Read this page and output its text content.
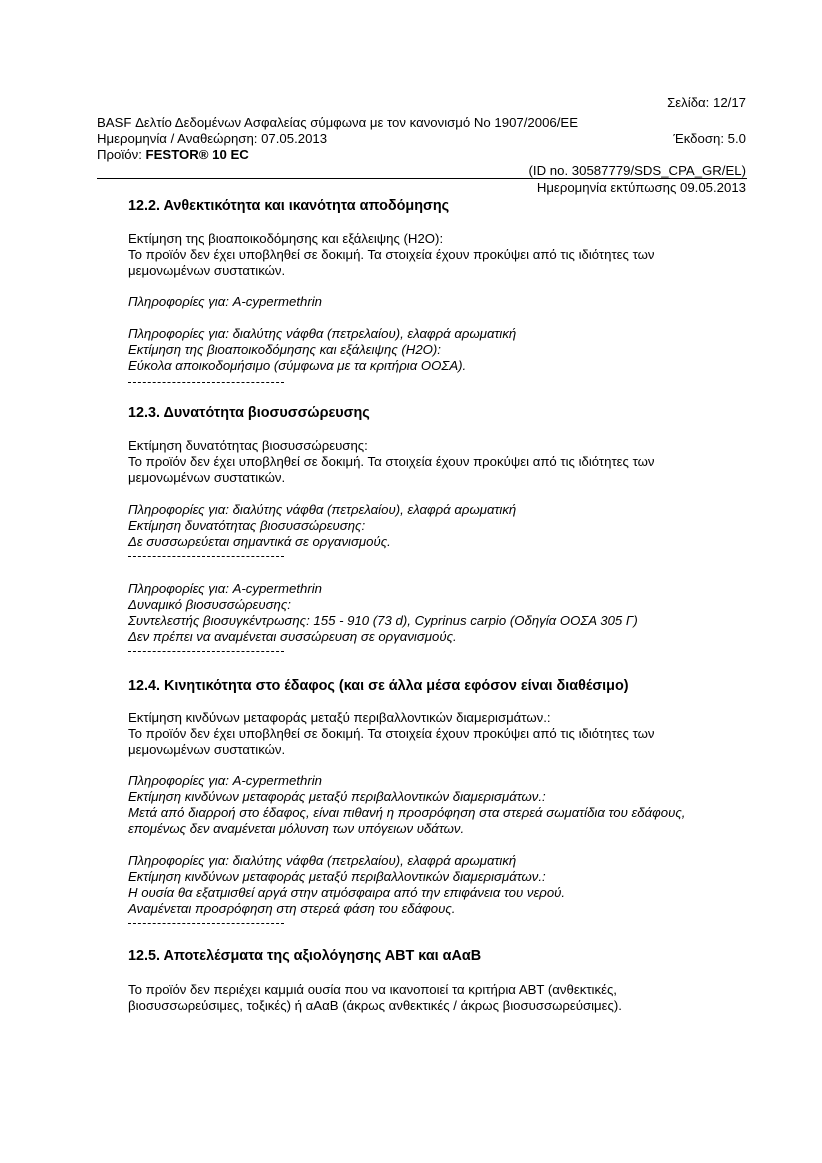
Σελίδα: 12/17
BASF Δελτίο Δεδομένων Ασφαλείας σύμφωνα με τον κανονισμό Νο 1907/2006/ΕΕ
Ημερομηνία / Αναθεώρηση: 07.05.2013	Έκδοση: 5.0
Προϊόν: FESTOR® 10 EC
(ID no. 30587779/SDS_CPA_GR/EL)
Ημερομηνία εκτύπωσης 09.05.2013
12.2. Ανθεκτικότητα και ικανότητα αποδόμησης
Εκτίμηση της βιοαποικοδόμησης και εξάλειψης (H2O):
Το προϊόν δεν έχει υποβληθεί σε δοκιμή. Τα στοιχεία έχουν προκύψει από τις ιδιότητες των
μεμονωμένων συστατικών.
Πληροφορίες για: A-cypermethrin
Πληροφορίες για: διαλύτης νάφθα (πετρελαίου), ελαφρά αρωματική
Εκτίμηση της βιοαποικοδόμησης και εξάλειψης (H2O):
Εύκολα αποικοδομήσιμο (σύμφωνα με τα κριτήρια ΟΟΣΑ).
12.3. Δυνατότητα βιοσυσσώρευσης
Εκτίμηση δυνατότητας βιοσυσσώρευσης:
Το προϊόν δεν έχει υποβληθεί σε δοκιμή. Τα στοιχεία έχουν προκύψει από τις ιδιότητες των
μεμονωμένων συστατικών.
Πληροφορίες για: διαλύτης νάφθα (πετρελαίου), ελαφρά αρωματική
Εκτίμηση δυνατότητας βιοσυσσώρευσης:
Δε συσσωρεύεται σημαντικά σε οργανισμούς.
Πληροφορίες για: A-cypermethrin
Δυναμικό βιοσυσσώρευσης:
Συντελεστής βιοσυγκέντρωσης: 155 - 910 (73 d), Cyprinus carpio (Οδηγία ΟΟΣΑ 305 Γ)
Δεν πρέπει να αναμένεται συσσώρευση σε οργανισμούς.
12.4. Κινητικότητα στο έδαφος (και σε άλλα μέσα εφόσον είναι διαθέσιμο)
Εκτίμηση κινδύνων μεταφοράς μεταξύ περιβαλλοντικών διαμερισμάτων.:
Το προϊόν δεν έχει υποβληθεί σε δοκιμή. Τα στοιχεία έχουν προκύψει από τις ιδιότητες των
μεμονωμένων συστατικών.
Πληροφορίες για: A-cypermethrin
Εκτίμηση κινδύνων μεταφοράς μεταξύ περιβαλλοντικών διαμερισμάτων.:
Μετά από διαρροή στο έδαφος, είναι πιθανή η προσρόφηση στα στερεά σωματίδια του εδάφους,
επομένως δεν αναμένεται μόλυνση των υπόγειων υδάτων.
Πληροφορίες για: διαλύτης νάφθα (πετρελαίου), ελαφρά αρωματική
Εκτίμηση κινδύνων μεταφοράς μεταξύ περιβαλλοντικών διαμερισμάτων.:
Η ουσία θα εξατμισθεί αργά στην ατμόσφαιρα από την επιφάνεια του νερού.
Αναμένεται προσρόφηση στη στερεά φάση του εδάφους.
12.5. Αποτελέσματα της αξιολόγησης ΑΒΤ και αΑαΒ
Το προϊόν δεν περιέχει καμμιά ουσία που να ικανοποιεί τα κριτήρια ΑΒΤ (ανθεκτικές,
βιοσυσσωρεύσιμες, τοξικές) ή αΑαΒ (άκρως ανθεκτικές / άκρως βιοσυσσωρεύσιμες).
